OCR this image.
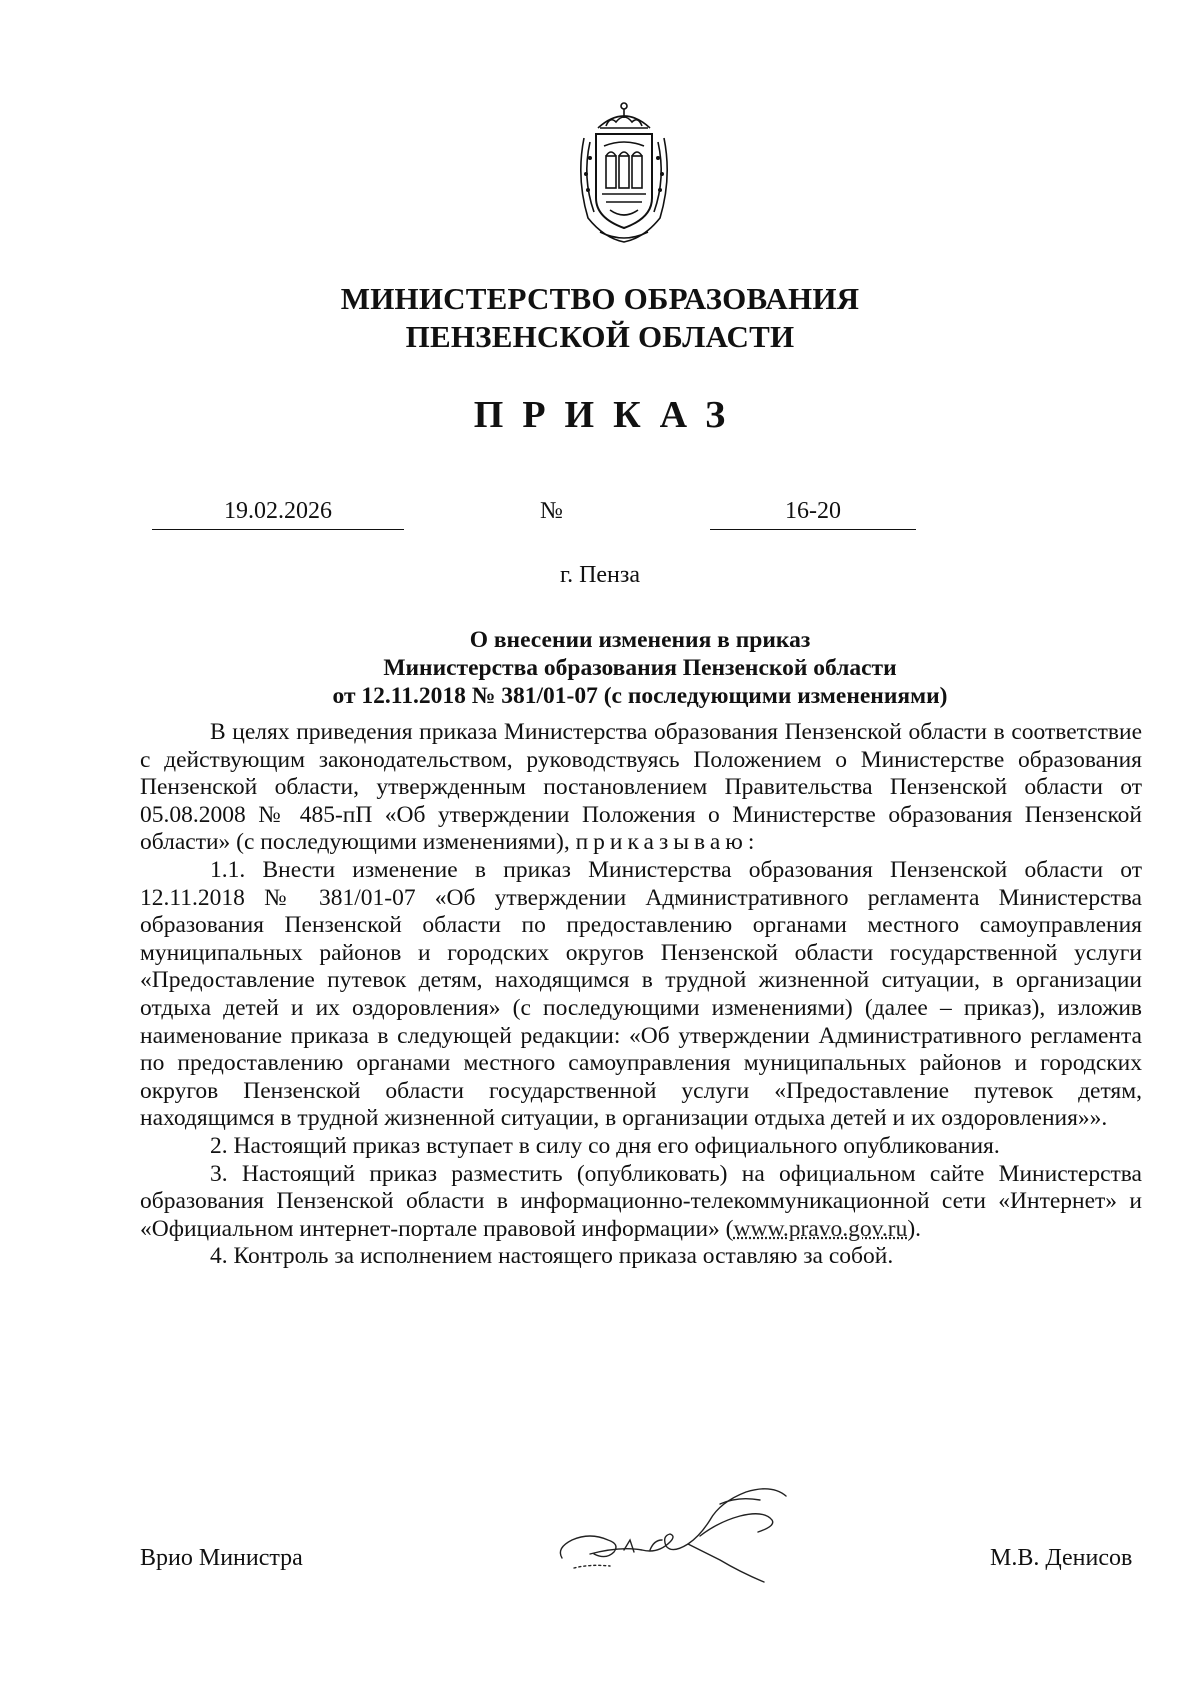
МИНИСТЕРСТВО ОБРАЗОВАНИЯ
ПЕНЗЕНСКОЙ ОБЛАСТИ
ПРИКАЗ
19.02.2026	№	16-20
г. Пенза
О внесении изменения в приказ
Министерства образования Пензенской области
от 12.11.2018 № 381/01-07 (с последующими изменениями)

В целях приведения приказа Министерства образования Пензенской области в соответствие с действующим законодательством, руководствуясь Положением о Министерстве образования Пензенской области, утвержденным постановлением Правительства Пензенской области от 05.08.2008 № 485-пП «Об утверждении Положения о Министерстве образования Пензенской области» (с последующими изменениями), приказываю:

1.1. Внести изменение в приказ Министерства образования Пензенской области от 12.11.2018 № 381/01-07 «Об утверждении Административного регламента Министерства образования Пензенской области по предоставлению органами местного самоуправления муниципальных районов и городских округов Пензенской области государственной услуги «Предоставление путевок детям, находящимся в трудной жизненной ситуации, в организации отдыха детей и их оздоровления» (с последующими изменениями) (далее – приказ), изложив наименование приказа в следующей редакции: «Об утверждении Административного регламента по предоставлению органами местного самоуправления муниципальных районов и городских округов Пензенской области государственной услуги «Предоставление путевок детям, находящимся в трудной жизненной ситуации, в организации отдыха детей и их оздоровления»».

2. Настоящий приказ вступает в силу со дня его официального опубликования.

3. Настоящий приказ разместить (опубликовать) на официальном сайте Министерства образования Пензенской области в информационно-телекоммуникационной сети «Интернет» и «Официальном интернет-портале правовой информации» (www.pravo.gov.ru).

4. Контроль за исполнением настоящего приказа оставляю за собой.

Врио Министра	М.В. Денисов
